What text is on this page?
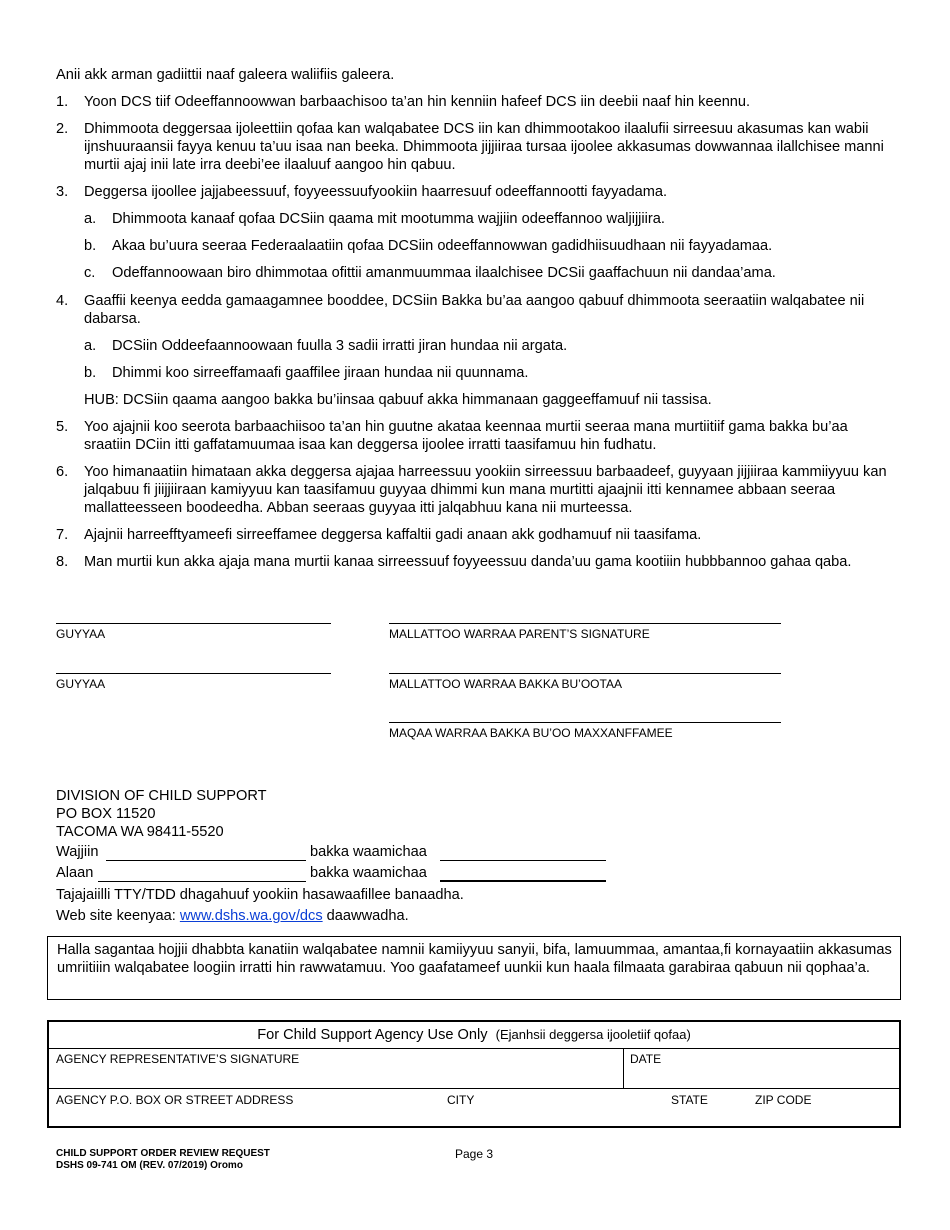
Anii akk arman gadiittii naaf galeera waliifiis galeera.
1. Yoon DCS tiif Odeeffannoowwan barbaachisoo ta’an hin kenniin hafeef DCS iin deebii naaf hin keennu.
2. Dhimmoota deggersaa ijoleettiin qofaa kan walqabatee DCS iin kan dhimmootakoo ilaalufii sirreesuu akasumas kan wabii ijnshuuraansii fayya kenuu ta’uu isaa nan beeka. Dhimmoota jijjiiraa tursaa ijoolee akkasumas dowwannaa ilallchisee manni murtii ajaj inii late irra deebi’ee ilaaluuf aangoo hin qabuu.
3. Deggersa ijoollee jajjabeessuuf, foyyeessuufyookiin haarresuuf odeeffannootti fayyadama.
a. Dhimmoota kanaaf qofaa DCSiin qaama mit mootumma wajjiin odeeffannoo waljijjiira.
b. Akaa bu’uura seeraa Federaalaatiin qofaa DCSiin odeeffannowwan gadidhiisuudhaan nii fayyadamaa.
c. Odeffannoowaan biro dhimmotaa ofittii amanmuummaa ilaalchisee DCSii gaaffachuun nii dandaa’ama.
4. Gaaffii keenya eedda gamaagamnee booddee, DCSiin Bakka bu’aa aangoo qabuuf dhimmoota seeraatiin walqabatee nii dabarsa.
a. DCSiin Oddeefaannoowaan fuulla 3 sadii irratti jiran hundaa nii argata.
b. Dhimmi koo sirreeffamaafi gaaffilee jiraan hundaa nii quunnama.
HUB: DCSiin qaama aangoo bakka bu’iinsaa qabuuf akka himmanaan gaggeeffamuuf nii tassisa.
5. Yoo ajajnii koo seerota barbaachiisoo ta’an hin guutne akataa keennaa murtii seeraa mana murtiitiif gama bakka bu’aa sraatiin DCiin itti gaffatamuumaa isaa kan deggersa ijoolee irratti taasifamuu hin fudhatu.
6. Yoo himanaatiin himataan akka deggersa ajajaa harreessuu yookiin sirreessuu barbaadeef, guyyaan jijjiiraa kammiiyyuu kan jalqabuu fi jiijjiiraan kamiyyuu kan taasifamuu guyyaa dhimmi kun mana murtitti ajaajnii itti kennamee abbaan seeraa mallatteesseen boodeedha. Abban seeraas guyyaa itti jalqabhuu kana nii murteessa.
7. Ajajnii harreefftyameefi sirreeffamee deggersa kaffaltii gadi anaan akk godhamuuf nii taasifama.
8. Man murtii kun akka ajaja mana murtii kanaa sirreessuuf foyyeessuu danda’uu gama kootiiin hubbbannoo gahaa qaba.
GUYYAA	MALLATTOO WARRAA PARENT’S SIGNATURE
GUYYAA	MALLATTOO WARRAA BAKKA BU’OOTAA
MAQAA WARRAA BAKKA BU’OO MAXXANFFAMEE
DIVISION OF CHILD SUPPORT
PO BOX 11520
TACOMA WA 98411-5520
Wajjiin	bakka waamichaa
Alaan	bakka waamichaa
Tajajaiilli TTY/TDD dhagahuuf yookiin hasawaafillee banaadha.
Web site keenyaa: www.dshs.wa.gov/dcs daawwadha.
Halla sagantaa hojjii dhabbta kanatiin walqabatee namnii kamiiyyuu sanyii, bifa, lamuummaa, amantaa,fi kornayaatiin akkasumas umriitiiin walqabatee loogiin irratti hin rawwatamuu. Yoo gaafatameef uunkii kun haala filmaata garabiraa qabuun nii qophaa’a.
For Child Support Agency Use Only (Ejanhsii deggersa ijooletiif qofaa)
AGENCY REPRESENTATIVE’S SIGNATURE	DATE
AGENCY P.O. BOX OR STREET ADDRESS	CITY	STATE	ZIP CODE
CHILD SUPPORT ORDER REVIEW REQUEST
DSHS 09-741 OM (REV. 07/2019) Oromo
Page 3
